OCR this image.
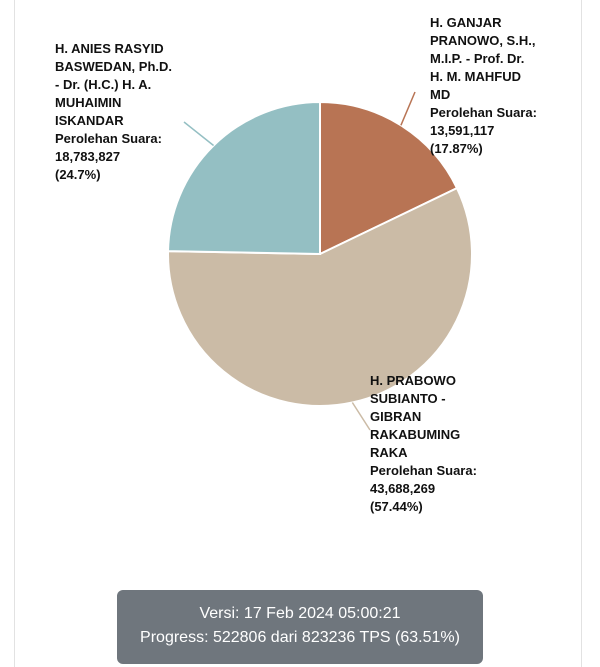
H. ANIES RASYID
BASWEDAN, Ph.D.
- Dr. (H.C.) H. A.
MUHAIMIN
ISKANDAR
Perolehan Suara:
18,783,827
(24.7%)
H. GANJAR
PRANOWO, S.H.,
M.I.P. - Prof. Dr.
H. M. MAHFUD
MD
Perolehan Suara:
13,591,117
(17.87%)
H. PRABOWO
SUBIANTO -
GIBRAN
RAKABUMING
RAKA
Perolehan Suara:
43,688,269
(57.44%)
Versi: 17 Feb 2024 05:00:21
Progress: 522806 dari 823236 TPS (63.51%)
